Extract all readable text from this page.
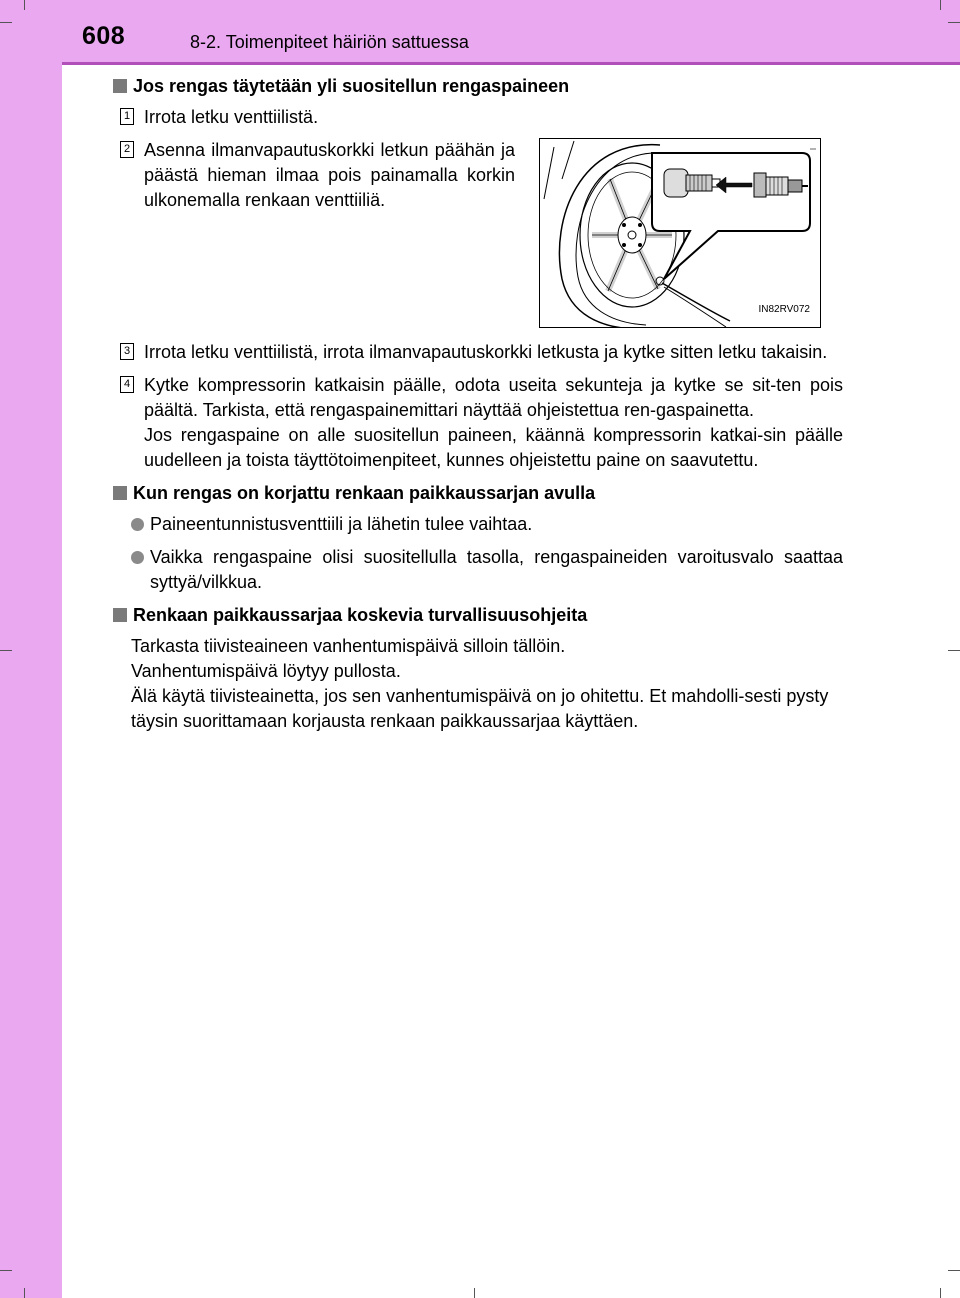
608	8-2. Toimenpiteet häiriön sattuessa
Jos rengas täytetään yli suositellun rengaspaineen
1 Irrota letku venttiilistä.
2 Asenna ilmanvapautuskorkki letkun päähän ja päästä hieman ilmaa pois painamalla korkin ulkonemalla renkaan venttiiliä.
IN82RV072
3 Irrota letku venttiilistä, irrota ilmanvapautuskorkki letkusta ja kytke sitten letku takaisin.
4 Kytke kompressorin katkaisin päälle, odota useita sekunteja ja kytke se sit-ten pois päältä. Tarkista, että rengaspainemittari näyttää ohjeistettua ren-gaspainetta.
Jos rengaspaine on alle suositellun paineen, käännä kompressorin katkai-sin päälle uudelleen ja toista täyttötoimenpiteet, kunnes ohjeistettu paine on saavutettu.
Kun rengas on korjattu renkaan paikkaussarjan avulla
Paineentunnistusventtiili ja lähetin tulee vaihtaa.
Vaikka rengaspaine olisi suositellulla tasolla, rengaspaineiden varoitusvalo saattaa syttyä/vilkkua.
Renkaan paikkaussarjaa koskevia turvallisuusohjeita
Tarkasta tiivisteaineen vanhentumispäivä silloin tällöin.
Vanhentumispäivä löytyy pullosta.
Älä käytä tiivisteainetta, jos sen vanhentumispäivä on jo ohitettu. Et mahdolli-sesti pysty täysin suorittamaan korjausta renkaan paikkaussarjaa käyttäen.
